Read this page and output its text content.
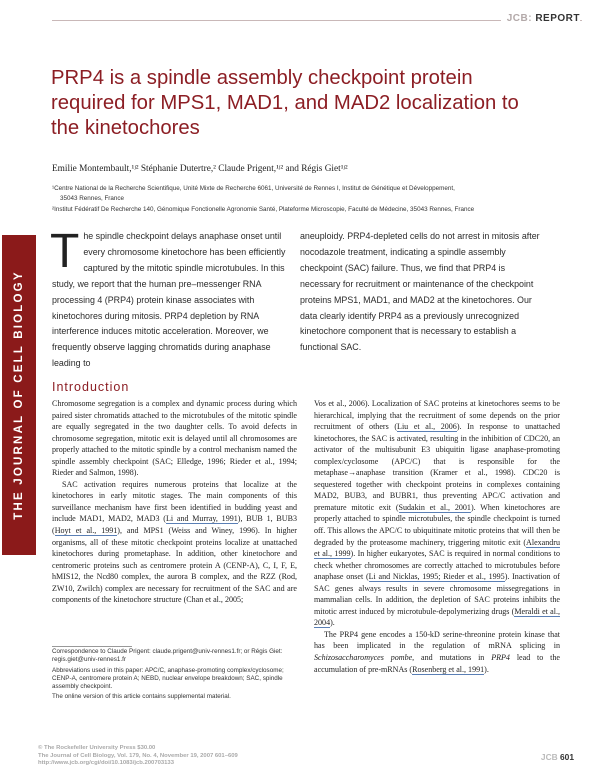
THE JOURNAL OF CELL BIOLOGY
JCB: REPORT
PRP4 is a spindle assembly checkpoint protein required for MPS1, MAD1, and MAD2 localization to the kinetochores
Emilie Montembault,¹ʲ² Stéphanie Dutertre,² Claude Prigent,¹ʲ² and Régis Giet¹ʲ²

¹Centre National de la Recherche Scientifique, Unité Mixte de Recherche 6061, Université de Rennes I, Institut de Génétique et Développement,

35043 Rennes, France

²Institut Fédératif De Recherche 140, Génomique Fonctionelle Agronomie Santé, Plateforme Microscopie, Faculté de Médecine, 35043 Rennes, France

The spindle checkpoint delays anaphase onset until every chromosome kinetochore has been efficiently captured by the mitotic spindle microtubules. In this study, we report that the human pre–messenger RNA processing 4 (PRP4) protein kinase associates with kinetochores during mitosis. PRP4 depletion by RNA interference induces mitotic acceleration. Moreover, we frequently observe lagging chromatids during anaphase leading to
aneuploidy. PRP4-depleted cells do not arrest in mitosis after nocodazole treatment, indicating a spindle assembly checkpoint (SAC) failure. Thus, we find that PRP4 is necessary for recruitment or maintenance of the checkpoint proteins MPS1, MAD1, and MAD2 at the kinetochores. Our data clearly identify PRP4 as a previously unrecognized kinetochore component that is necessary to establish a functional SAC.
Introduction

Chromosome segregation is a complex and dynamic process during which paired sister chromatids attached to the microtubules of the mitotic spindle are equally segregated in the two daughter cells. To avoid defects in chromosome segregation, mitotic exit is delayed until all chromosomes are properly attached to the mitotic spindle by a control mechanism named the spindle assembly checkpoint (SAC; Elledge, 1996; Rieder et al., 1994; Rieder and Salmon, 1998).

SAC activation requires numerous proteins that localize at the kinetochores in early mitotic stages. The main components of this surveillance mechanism have first been identified in budding yeast and include MAD1, MAD2, MAD3 (Li and Murray, 1991), BUB 1, BUB3 (Hoyt et al., 1991), and MPS1 (Weiss and Winey, 1996). In higher organisms, all of these mitotic checkpoint proteins localize at unattached kinetochores during prometaphase. In addition, other kinetochore and centromeric proteins such as centromere protein A (CENP-A), C, I, F, E, hMIS12, the Ncd80 complex, the aurora B complex, and the RZZ (Rod, ZW10, Zwilch) complex are necessary for recruitment of the SAC and are components of the kinetochore structure (Chan et al., 2005;

Vos et al., 2006). Localization of SAC proteins at kinetochores seems to be hierarchical, implying that the recruitment of some depends on the prior recruitment of others (Liu et al., 2006). In response to unattached kinetochores, the SAC is activated, resulting in the inhibition of CDC20, an activator of the multisubunit E3 ubiquitin ligase anaphase-promoting complex/cyclosome (APC/C) that is responsible for the metaphase→anaphase transition (Kramer et al., 1998). CDC20 is sequestered together with checkpoint proteins in complexes containing MAD2, BUB3, and BUBR1, thus preventing APC/C activation and premature mitotic exit (Sudakin et al., 2001). When kinetochores are properly attached to spindle microtubules, the spindle checkpoint is turned off. This allows the APC/C to ubiquitinate mitotic proteins that will then be degraded by the proteasome machinery, triggering mitotic exit (Alexandru et al., 1999). In higher eukaryotes, SAC is required in normal conditions to check whether chromosomes are correctly attached to microtubules before anaphase onset (Li and Nicklas, 1995; Rieder et al., 1995). Inactivation of SAC genes always results in severe chromosome missegregations in mammalian cells. In addition, the depletion of SAC proteins inhibits the mitotic arrest induced by microtubule-depolymerizing drugs (Meraldi et al., 2004).

The PRP4 gene encodes a 150-kD serine-threonine protein kinase that has been implicated in the regulation of mRNA splicing in Schizosaccharomyces pombe, and mutations in PRP4 lead to the accumulation of pre-mRNAs (Rosenberg et al., 1991).

Correspondence to Claude Prigent: claude.prigent@univ-rennes1.fr; or Régis Giet: regis.giet@univ-rennes1.fr

Abbreviations used in this paper: APC/C, anaphase-promoting complex/cyclosome; CENP-A, centromere protein A; NEBD, nuclear envelope breakdown; SAC, spindle assembly checkpoint.

The online version of this article contains supplemental material.

© The Rockefeller University Press $30.00
The Journal of Cell Biology, Vol. 179, No. 4, November 19, 2007 601–609
http://www.jcb.org/cgi/doi/10.1083/jcb.200703133
JCB 601
